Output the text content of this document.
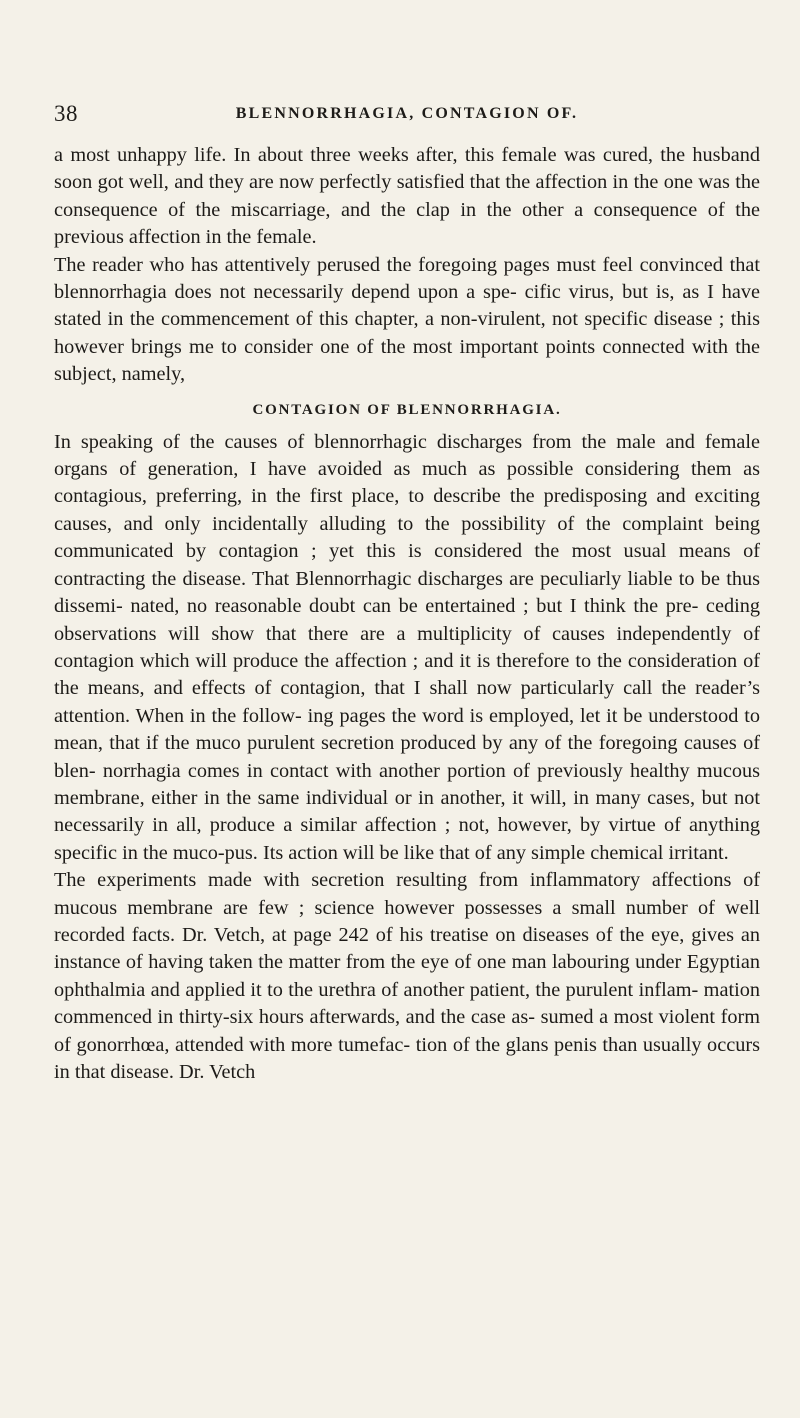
38	BLENNORRHAGIA, CONTAGION OF.

a most unhappy life. In about three weeks after, this female was cured, the husband soon got well, and they are now perfectly satisfied that the affection in the one was the consequence of the miscarriage, and the clap in the other a consequence of the previous affection in the female.

The reader who has attentively perused the foregoing pages must feel convinced that blennorrhagia does not necessarily depend upon a spe- cific virus, but is, as I have stated in the commencement of this chapter, a non-virulent, not specific disease ; this however brings me to consider one of the most important points connected with the subject, namely,

CONTAGION OF BLENNORRHAGIA.

In speaking of the causes of blennorrhagic discharges from the male and female organs of generation, I have avoided as much as possible considering them as contagious, preferring, in the first place, to describe the predisposing and exciting causes, and only incidentally alluding to the possibility of the complaint being communicated by contagion ; yet this is considered the most usual means of contracting the disease. That Blennorrhagic discharges are peculiarly liable to be thus dissemi- nated, no reasonable doubt can be entertained ; but I think the pre- ceding observations will show that there are a multiplicity of causes independently of contagion which will produce the affection ; and it is therefore to the consideration of the means, and effects of contagion, that I shall now particularly call the reader’s attention. When in the follow- ing pages the word is employed, let it be understood to mean, that if the muco purulent secretion produced by any of the foregoing causes of blen- norrhagia comes in contact with another portion of previously healthy mucous membrane, either in the same individual or in another, it will, in many cases, but not necessarily in all, produce a similar affection ; not, however, by virtue of anything specific in the muco-pus. Its action will be like that of any simple chemical irritant.

The experiments made with secretion resulting from inflammatory affections of mucous membrane are few ; science however possesses a small number of well recorded facts. Dr. Vetch, at page 242 of his treatise on diseases of the eye, gives an instance of having taken the matter from the eye of one man labouring under Egyptian ophthalmia and applied it to the urethra of another patient, the purulent inflam- mation commenced in thirty-six hours afterwards, and the case as- sumed a most violent form of gonorrhœa, attended with more tumefac- tion of the glans penis than usually occurs in that disease. Dr. Vetch
